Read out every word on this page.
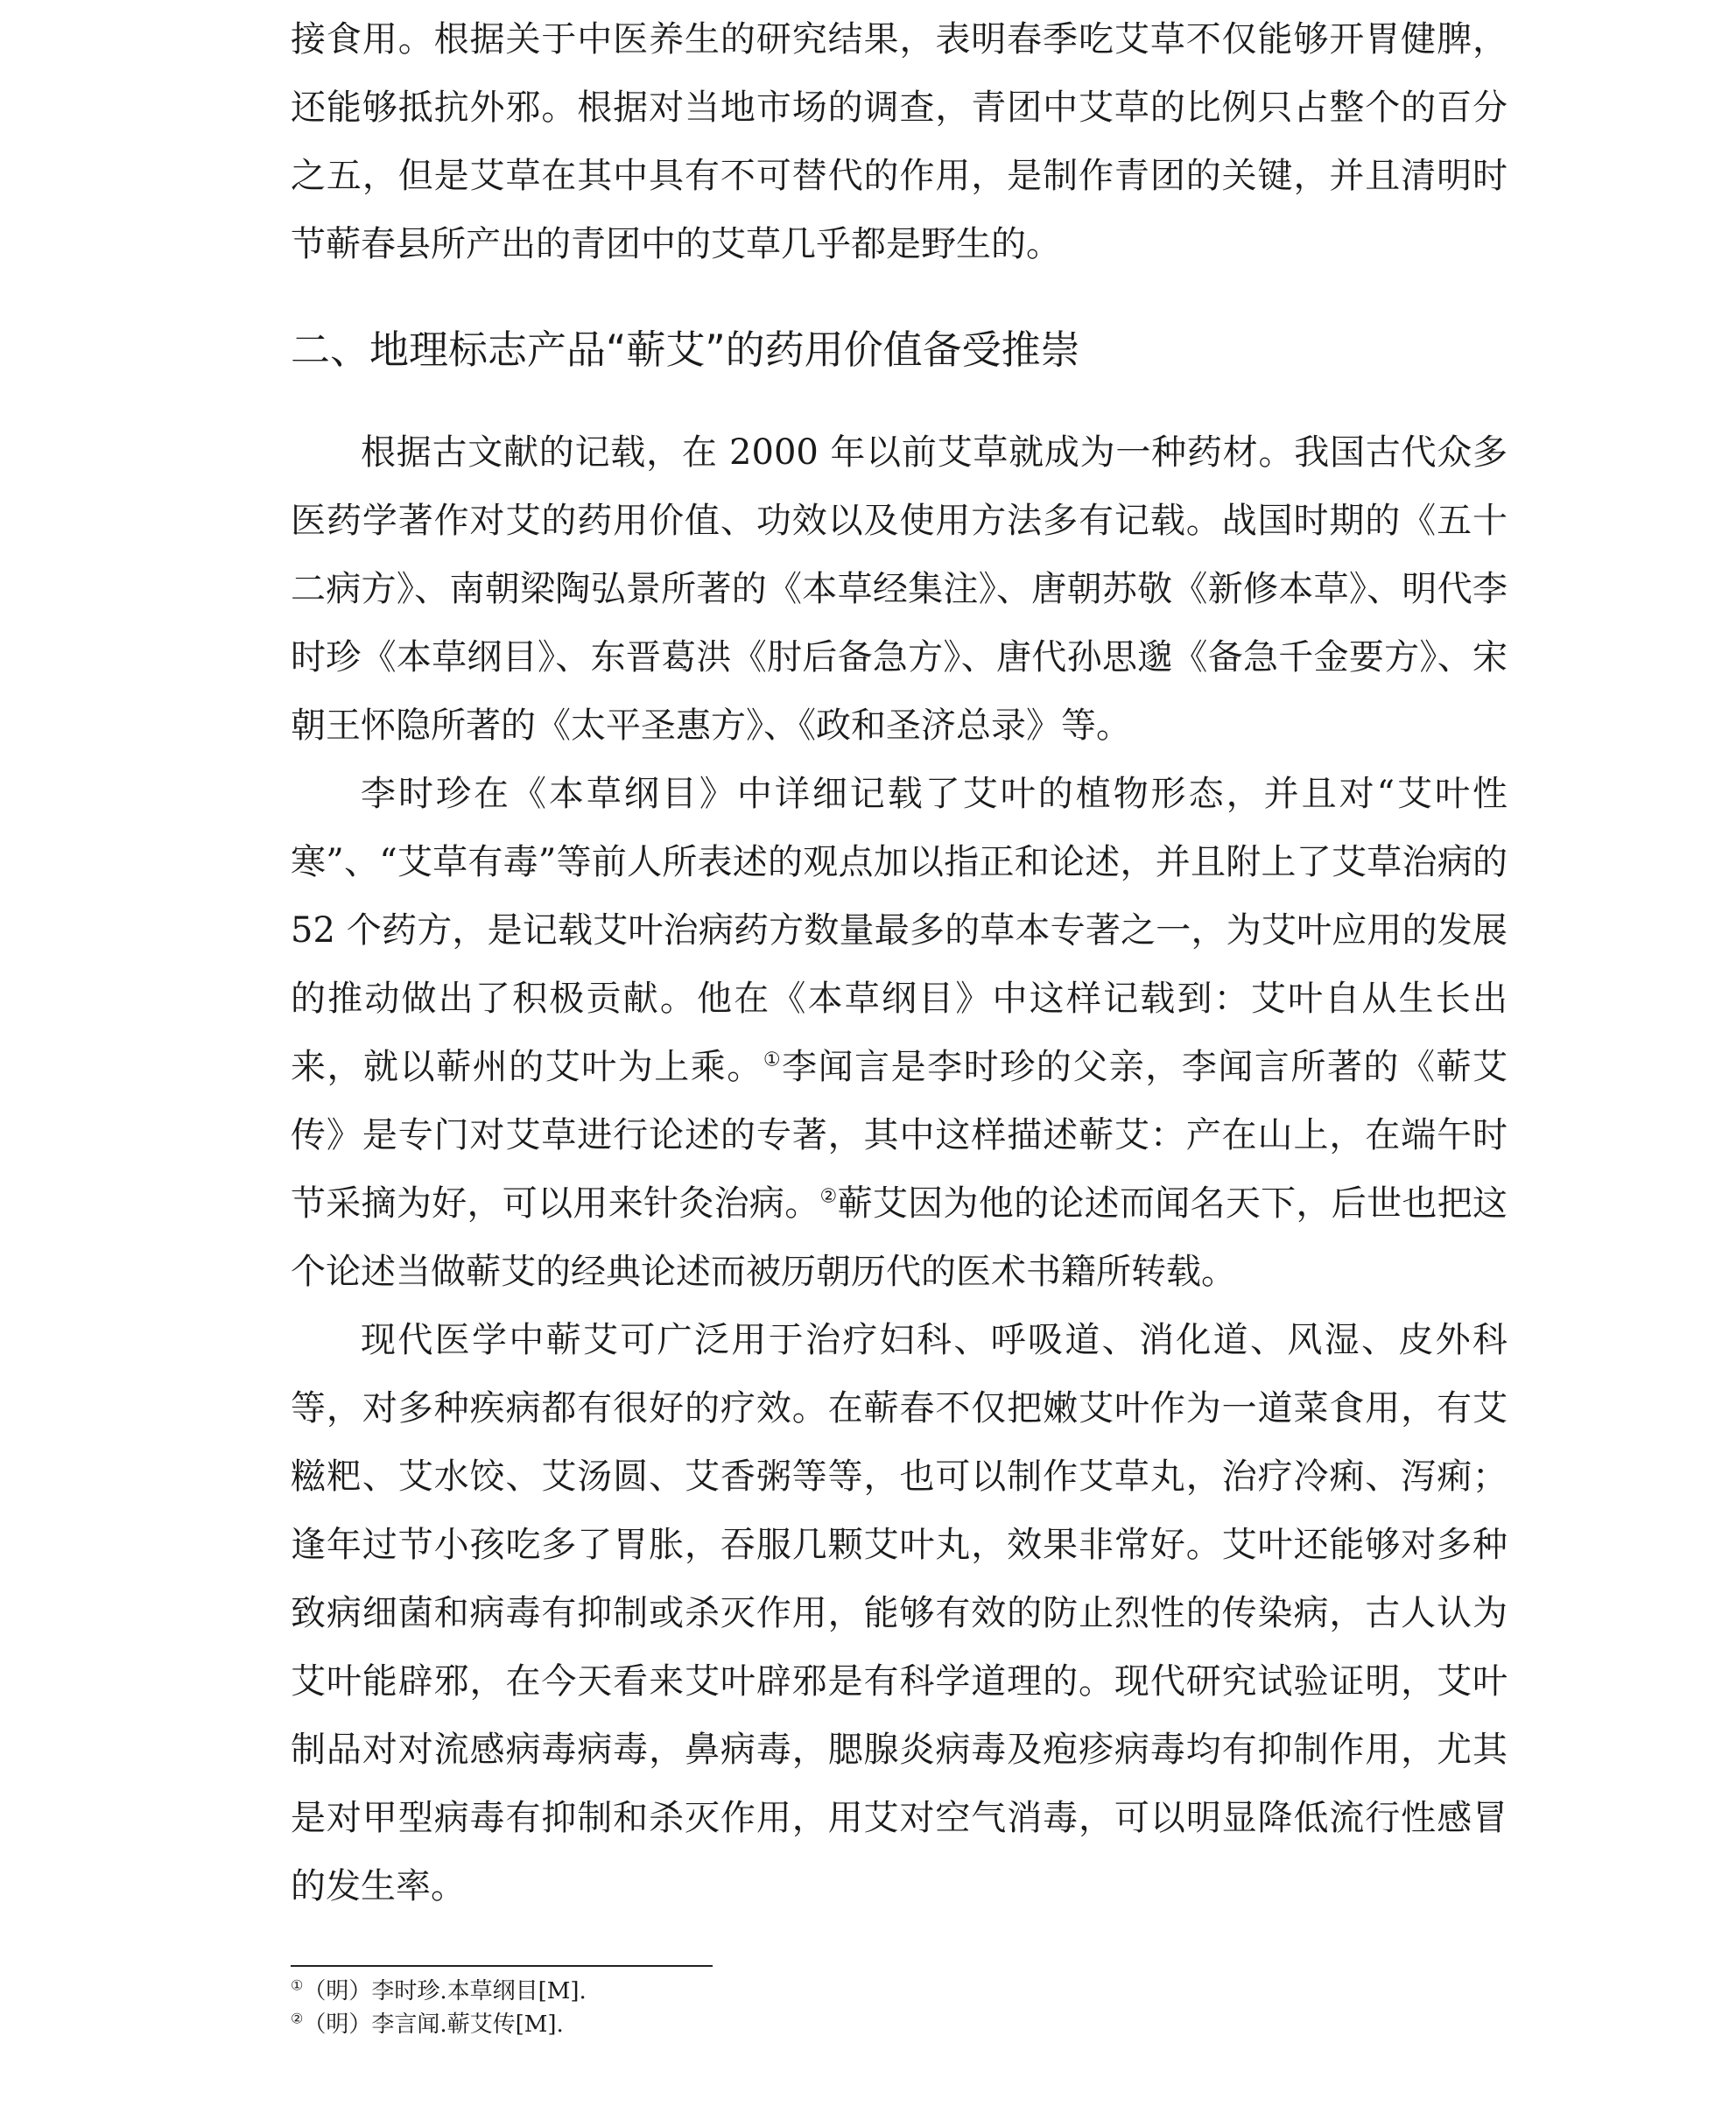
接食用。根据关于中医养生的研究结果，表明春季吃艾草不仅能够开胃健脾，还能够抵抗外邪。根据对当地市场的调查，青团中艾草的比例只占整个的百分之五，但是艾草在其中具有不可替代的作用，是制作青团的关键，并且清明时节蕲春县所产出的青团中的艾草几乎都是野生的。

二、地理标志产品“蕲艾”的药用价值备受推崇

根据古文献的记载，在 2000 年以前艾草就成为一种药材。我国古代众多医药学著作对艾的药用价值、功效以及使用方法多有记载。战国时期的《五十二病方》、南朝梁陶弘景所著的《本草经集注》、唐朝苏敬《新修本草》、明代李时珍《本草纲目》、东晋葛洪《肘后备急方》、唐代孙思邈《备急千金要方》、宋朝王怀隐所著的《太平圣惠方》、《政和圣济总录》等。

李时珍在《本草纲目》中详细记载了艾叶的植物形态，并且对“艾叶性寒”、“艾草有毒”等前人所表述的观点加以指正和论述，并且附上了艾草治病的 52 个药方，是记载艾叶治病药方数量最多的草本专著之一，为艾叶应用的发展的推动做出了积极贡献。他在《本草纲目》中这样记载到：艾叶自从生长出来，就以蕲州的艾叶为上乘。①李闻言是李时珍的父亲，李闻言所著的《蕲艾传》是专门对艾草进行论述的专著，其中这样描述蕲艾：产在山上，在端午时节采摘为好，可以用来针灸治病。②蕲艾因为他的论述而闻名天下，后世也把这个论述当做蕲艾的经典论述而被历朝历代的医术书籍所转载。

现代医学中蕲艾可广泛用于治疗妇科、呼吸道、消化道、风湿、皮外科等，对多种疾病都有很好的疗效。在蕲春不仅把嫩艾叶作为一道菜食用，有艾糍粑、艾水饺、艾汤圆、艾香粥等等，也可以制作艾草丸，治疗冷痢、泻痢；逢年过节小孩吃多了胃胀，吞服几颗艾叶丸，效果非常好。艾叶还能够对多种致病细菌和病毒有抑制或杀灭作用，能够有效的防止烈性的传染病，古人认为艾叶能辟邪，在今天看来艾叶辟邪是有科学道理的。现代研究试验证明，艾叶制品对对流感病毒病毒，鼻病毒，腮腺炎病毒及疱疹病毒均有抑制作用，尤其是对甲型病毒有抑制和杀灭作用，用艾对空气消毒，可以明显降低流行性感冒的发生率。

①（明）李时珍.本草纲目[M].

②（明）李言闻.蕲艾传[M].
